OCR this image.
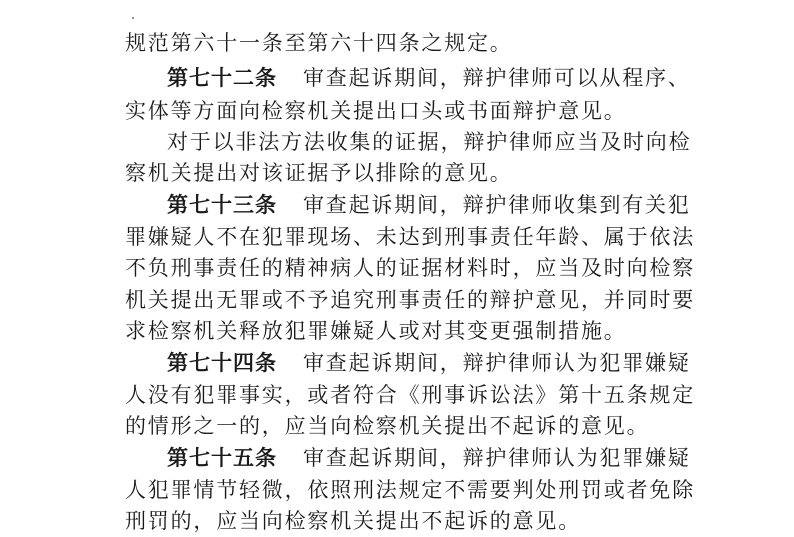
规范第六十一条至第六十四条之规定。
第七十二条 审查起诉期间，辩护律师可以从程序、
实体等方面向检察机关提出口头或书面辩护意见。
对于以非法方法收集的证据，辩护律师应当及时向检
察机关提出对该证据予以排除的意见。
第七十三条 审查起诉期间，辩护律师收集到有关犯
罪嫌疑人不在犯罪现场、未达到刑事责任年龄、属于依法
不负刑事责任的精神病人的证据材料时，应当及时向检察
机关提出无罪或不予追究刑事责任的辩护意见，并同时要
求检察机关释放犯罪嫌疑人或对其变更强制措施。
第七十四条 审查起诉期间，辩护律师认为犯罪嫌疑
人没有犯罪事实，或者符合《刑事诉讼法》第十五条规定
的情形之一的，应当向检察机关提出不起诉的意见。
第七十五条 审查起诉期间，辩护律师认为犯罪嫌疑
人犯罪情节轻微，依照刑法规定不需要判处刑罚或者免除
刑罚的，应当向检察机关提出不起诉的意见。
